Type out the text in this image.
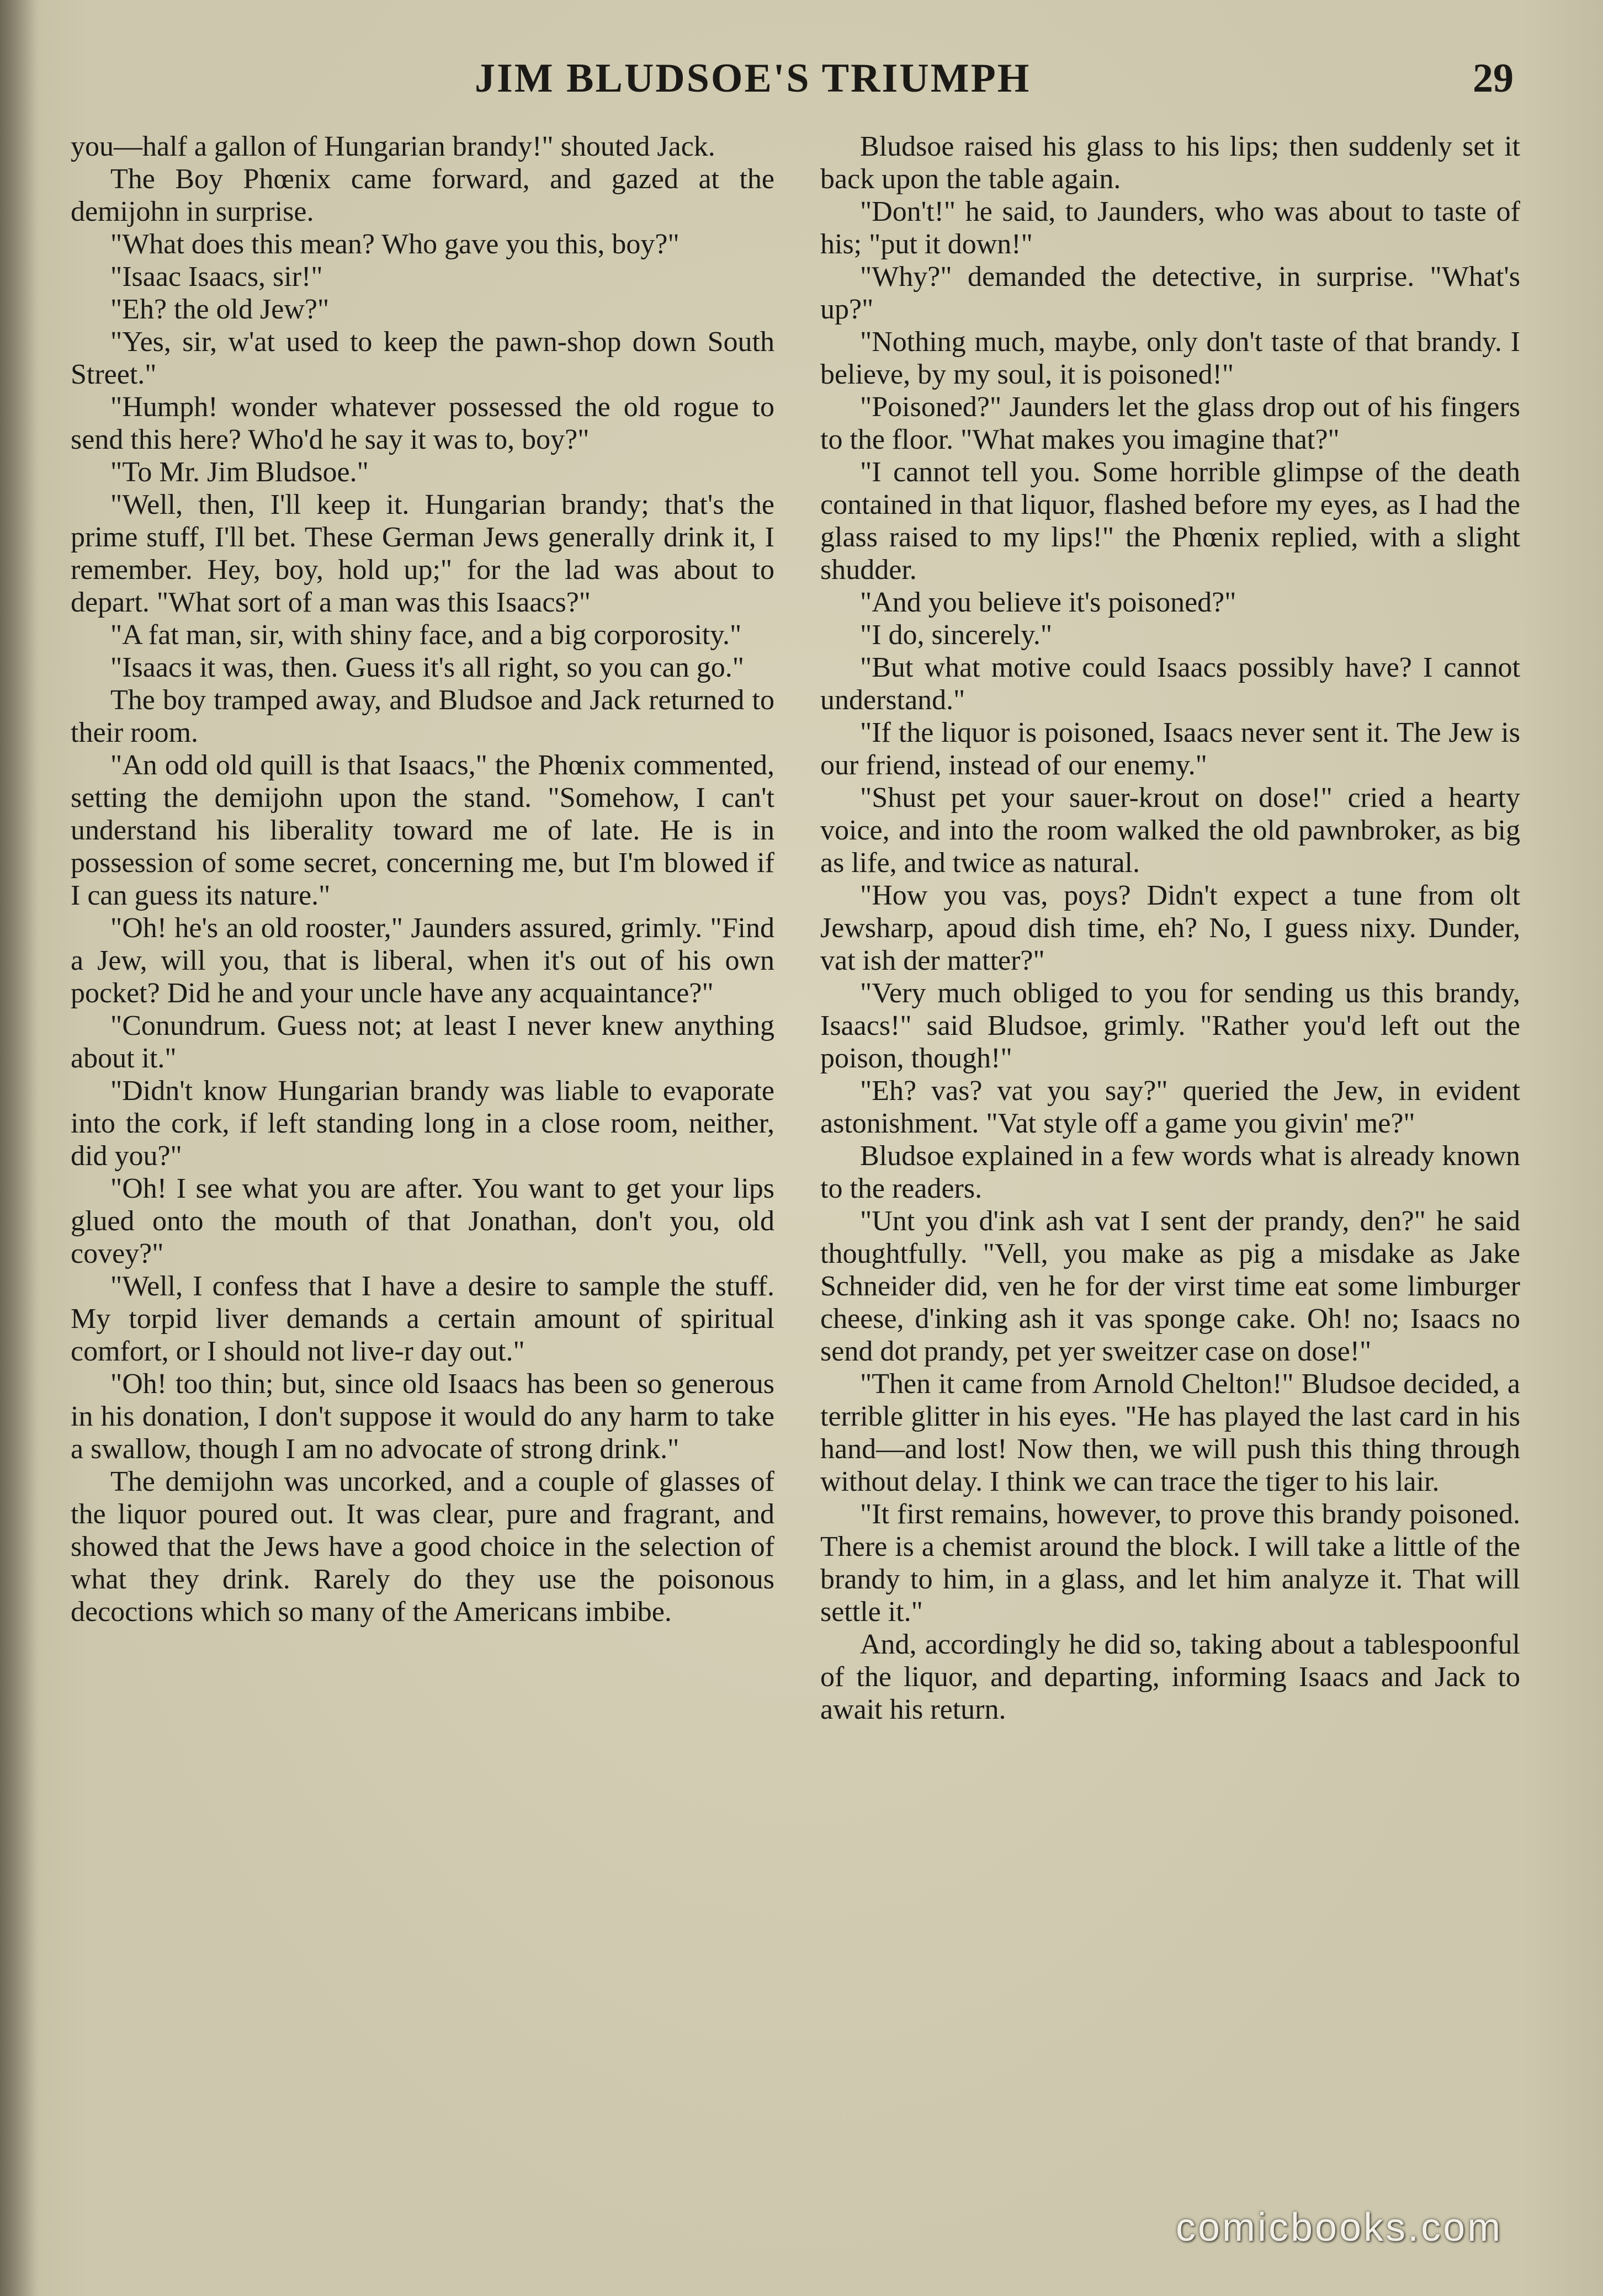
JIM BLUDSOE'S TRIUMPH	29

you—half a gallon of Hungarian brandy!" shouted Jack.

The Boy Phœnix came forward, and gazed at the demijohn in surprise.

"What does this mean? Who gave you this, boy?"

"Isaac Isaacs, sir!"

"Eh? the old Jew?"

"Yes, sir, w'at used to keep the pawn-shop down South Street."

"Humph! wonder whatever possessed the old rogue to send this here? Who'd he say it was to, boy?"

"To Mr. Jim Bludsoe."

"Well, then, I'll keep it. Hungarian brandy; that's the prime stuff, I'll bet. These German Jews generally drink it, I remember. Hey, boy, hold up;" for the lad was about to depart. "What sort of a man was this Isaacs?"

"A fat man, sir, with shiny face, and a big corporosity."

"Isaacs it was, then. Guess it's all right, so you can go."

The boy tramped away, and Bludsoe and Jack returned to their room.

"An odd old quill is that Isaacs," the Phœnix commented, setting the demijohn upon the stand. "Somehow, I can't understand his liberality toward me of late. He is in possession of some secret, concerning me, but I'm blowed if I can guess its nature."

"Oh! he's an old rooster," Jaunders assured, grimly. "Find a Jew, will you, that is liberal, when it's out of his own pocket? Did he and your uncle have any acquaintance?"

"Conundrum. Guess not; at least I never knew anything about it."

"Didn't know Hungarian brandy was liable to evaporate into the cork, if left standing long in a close room, neither, did you?"

"Oh! I see what you are after. You want to get your lips glued onto the mouth of that Jonathan, don't you, old covey?"

"Well, I confess that I have a desire to sample the stuff. My torpid liver demands a certain amount of spiritual comfort, or I should not live-r day out."

"Oh! too thin; but, since old Isaacs has been so generous in his donation, I don't suppose it would do any harm to take a swallow, though I am no advocate of strong drink."

The demijohn was uncorked, and a couple of glasses of the liquor poured out. It was clear, pure and fragrant, and showed that the Jews have a good choice in the selection of what they drink. Rarely do they use the poisonous decoctions which so many of the Americans imbibe.

Bludsoe raised his glass to his lips; then suddenly set it back upon the table again.

"Don't!" he said, to Jaunders, who was about to taste of his; "put it down!"

"Why?" demanded the detective, in surprise. "What's up?"

"Nothing much, maybe, only don't taste of that brandy. I believe, by my soul, it is poisoned!"

"Poisoned?" Jaunders let the glass drop out of his fingers to the floor. "What makes you imagine that?"

"I cannot tell you. Some horrible glimpse of the death contained in that liquor, flashed before my eyes, as I had the glass raised to my lips!" the Phœnix replied, with a slight shudder.

"And you believe it's poisoned?"

"I do, sincerely."

"But what motive could Isaacs possibly have? I cannot understand."

"If the liquor is poisoned, Isaacs never sent it. The Jew is our friend, instead of our enemy."

"Shust pet your sauer-krout on dose!" cried a hearty voice, and into the room walked the old pawnbroker, as big as life, and twice as natural.

"How you vas, poys? Didn't expect a tune from olt Jewsharp, apoud dish time, eh? No, I guess nixy. Dunder, vat ish der matter?"

"Very much obliged to you for sending us this brandy, Isaacs!" said Bludsoe, grimly. "Rather you'd left out the poison, though!"

"Eh? vas? vat you say?" queried the Jew, in evident astonishment. "Vat style off a game you givin' me?"

Bludsoe explained in a few words what is already known to the readers.

"Unt you d'ink ash vat I sent der prandy, den?" he said thoughtfully. "Vell, you make as pig a misdake as Jake Schneider did, ven he for der virst time eat some limburger cheese, d'inking ash it vas sponge cake. Oh! no; Isaacs no send dot prandy, pet yer sweitzer case on dose!"

"Then it came from Arnold Chelton!" Bludsoe decided, a terrible glitter in his eyes. "He has played the last card in his hand—and lost! Now then, we will push this thing through without delay. I think we can trace the tiger to his lair.

"It first remains, however, to prove this brandy poisoned. There is a chemist around the block. I will take a little of the brandy to him, in a glass, and let him analyze it. That will settle it."

And, accordingly he did so, taking about a tablespoonful of the liquor, and departing, informing Isaacs and Jack to await his return.

comicbooks.com
